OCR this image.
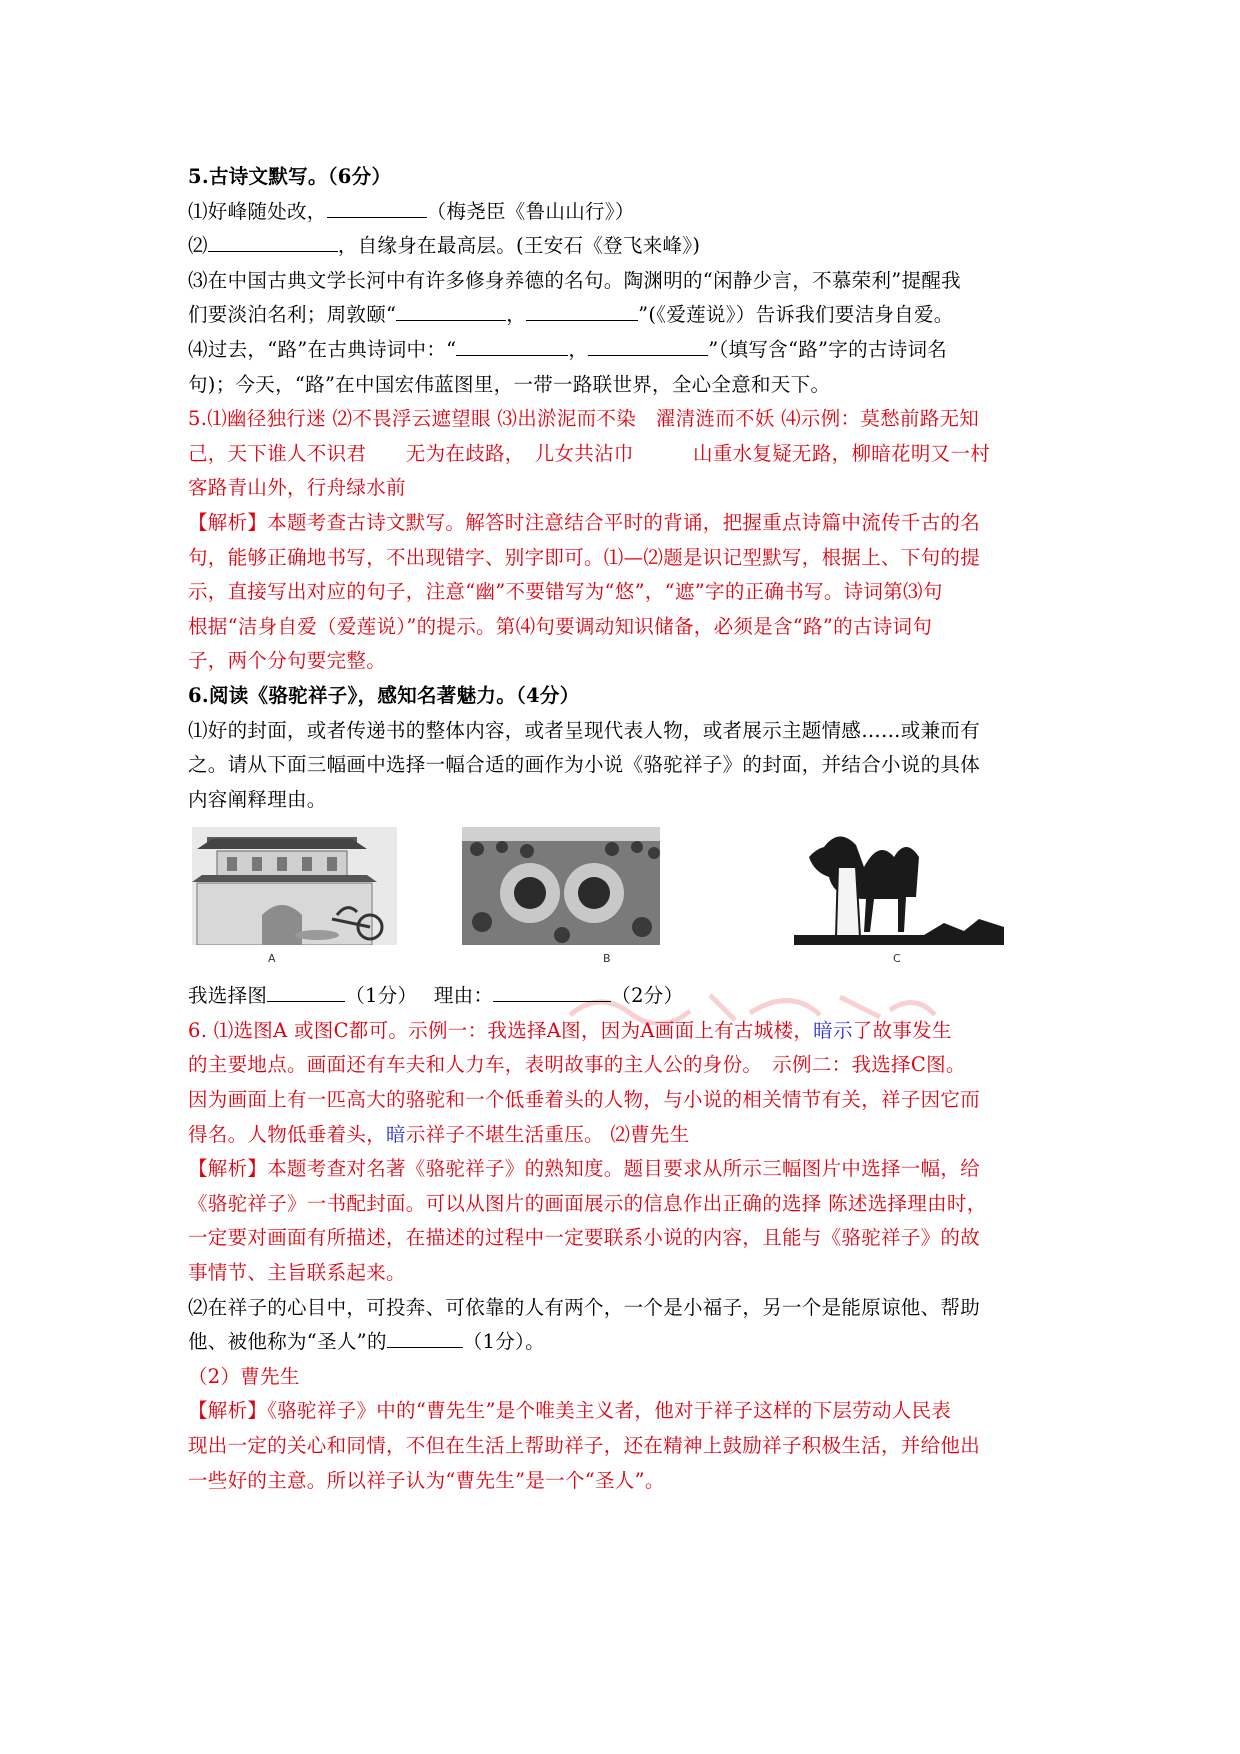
5.古诗文默写。（6分）
⑴好峰随处改，	（梅尧臣《鲁山山行》）
⑵	，自缘身在最高层。(王安石《登飞来峰》)
⑶在中国古典文学长河中有许多修身养德的名句。陶渊明的“闲静少言，不慕荣利”提醒我
们要淡泊名利；周敦颐“	，	”(《爱莲说》）告诉我们要洁身自爱。
⑷过去，“路”在古典诗词中：“	，	”（填写含“路”字的古诗词名
句)；今天，“路”在中国宏伟蓝图里，一带一路联世界，全心全意和天下。
5.⑴幽径独行迷 ⑵不畏浮云遮望眼 ⑶出淤泥而不染　濯清涟而不妖 ⑷示例：莫愁前路无知
己，天下谁人不识君　　无为在歧路，　儿女共沾巾　　　山重水复疑无路，柳暗花明又一村
客路青山外，行舟绿水前
【解析】本题考查古诗文默写。解答时注意结合平时的背诵，把握重点诗篇中流传千古的名
句，能够正确地书写，不出现错字、别字即可。⑴—⑵题是识记型默写，根据上、下句的提
示，直接写出对应的句子，注意“幽”不要错写为“悠”，“遮”字的正确书写。诗词第⑶句
根据“洁身自爱（爱莲说）”的提示。第⑷句要调动知识储备，必须是含“路”的古诗词句
子，两个分句要完整。
6.阅读《骆驼祥子》，感知名著魅力。（4分）
⑴好的封面，或者传递书的整体内容，或者呈现代表人物，或者展示主题情感……或兼而有
之。请从下面三幅画中选择一幅合适的画作为小说《骆驼祥子》的封面，并结合小说的具体
内容阐释理由。
A	B	C
我选择图	（1分）　 理由：	（2分）
6. ⑴选图A 或图C都可。示例一：我选择A图，因为A画面上有古城楼，暗示了故事发生
的主要地点。画面还有车夫和人力车，表明故事的主人公的身份。　示例二：我选择C图。
因为画面上有一匹高大的骆驼和一个低垂着头的人物，与小说的相关情节有关，祥子因它而
得名。人物低垂着头，暗示祥子不堪生活重压。 ⑵曹先生
【解析】本题考查对名著《骆驼祥子》的熟知度。题目要求从所示三幅图片中选择一幅，给
《骆驼祥子》一书配封面。可以从图片的画面展示的信息作出正确的选择 陈述选择理由时，
一定要对画面有所描述，在描述的过程中一定要联系小说的内容，且能与《骆驼祥子》的故
事情节、主旨联系起来。
⑵在祥子的心目中，可投奔、可依靠的人有两个，一个是小福子，另一个是能原谅他、帮助
他、被他称为“圣人”的	（1分）。
（2）曹先生
【解析】《骆驼祥子》中的“曹先生”是个唯美主义者，他对于祥子这样的下层劳动人民表
现出一定的关心和同情，不但在生活上帮助祥子，还在精神上鼓励祥子积极生活，并给他出
一些好的主意。所以祥子认为“曹先生”是一个“圣人”。
